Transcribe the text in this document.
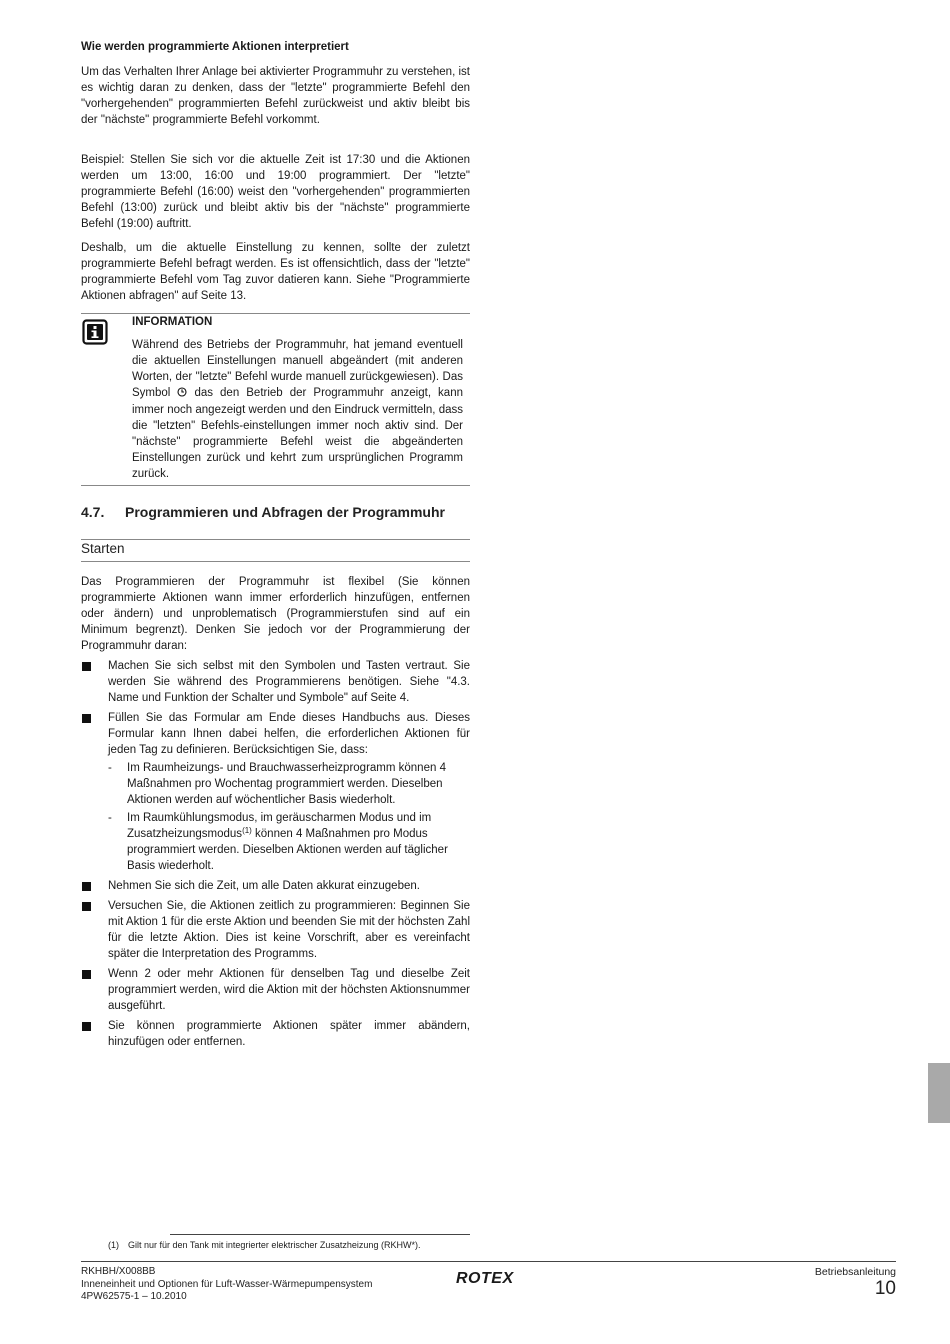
Wie werden programmierte Aktionen interpretiert

Um das Verhalten Ihrer Anlage bei aktivierter Programmuhr zu verstehen, ist es wichtig daran zu denken, dass der "letzte" programmierte Befehl den "vorhergehenden" programmierten Befehl zurückweist und aktiv bleibt bis der "nächste" programmierte Befehl vorkommt.

Beispiel: Stellen Sie sich vor die aktuelle Zeit ist 17:30 und die Aktionen werden um 13:00, 16:00 und 19:00 programmiert. Der "letzte" programmierte Befehl (16:00) weist den "vorhergehenden" programmierten Befehl (13:00) zurück und bleibt aktiv bis der "nächste" programmierte Befehl (19:00) auftritt.

Deshalb, um die aktuelle Einstellung zu kennen, sollte der zuletzt programmierte Befehl befragt werden. Es ist offensichtlich, dass der "letzte" programmierte Befehl vom Tag zuvor datieren kann. Siehe "Programmierte Aktionen abfragen" auf Seite 13.

INFORMATION

Während des Betriebs der Programmuhr, hat jemand eventuell die aktuellen Einstellungen manuell abgeändert (mit anderen Worten, der "letzte" Befehl wurde manuell zurückgewiesen). Das Symbol das den Betrieb der Programmuhr anzeigt, kann immer noch angezeigt werden und den Eindruck vermitteln, dass die "letzten" Befehls-einstellungen immer noch aktiv sind. Der "nächste" programmierte Befehl weist die abgeänderten Einstellungen zurück und kehrt zum ursprünglichen Programm zurück.

4.7. Programmieren und Abfragen der Programmuhr
Starten

Das Programmieren der Programmuhr ist flexibel (Sie können programmierte Aktionen wann immer erforderlich hinzufügen, entfernen oder ändern) und unproblematisch (Programmierstufen sind auf ein Minimum begrenzt). Denken Sie jedoch vor der Programmierung der Programmuhr daran:

Machen Sie sich selbst mit den Symbolen und Tasten vertraut. Sie werden Sie während des Programmierens benötigen. Siehe "4.3. Name und Funktion der Schalter und Symbole" auf Seite 4.
Füllen Sie das Formular am Ende dieses Handbuchs aus. Dieses Formular kann Ihnen dabei helfen, die erforderlichen Aktionen für jeden Tag zu definieren. Berücksichtigen Sie, dass:
- Im Raumheizungs- und Brauchwasserheizprogramm können 4 Maßnahmen pro Wochentag programmiert werden. Dieselben Aktionen werden auf wöchentlicher Basis wiederholt.
- Im Raumkühlungsmodus, im geräuscharmen Modus und im Zusatzheizungsmodus$^{(1)}$ können 4 Maßnahmen pro Modus programmiert werden. Dieselben Aktionen werden auf täglicher Basis wiederholt.
Nehmen Sie sich die Zeit, um alle Daten akkurat einzugeben.
Versuchen Sie, die Aktionen zeitlich zu programmieren: Beginnen Sie mit Aktion 1 für die erste Aktion und beenden Sie mit der höchsten Zahl für die letzte Aktion. Dies ist keine Vorschrift, aber es vereinfacht später die Interpretation des Programms.
Wenn 2 oder mehr Aktionen für denselben Tag und dieselbe Zeit programmiert werden, wird die Aktion mit der höchsten Aktionsnummer ausgeführt.
Sie können programmierte Aktionen später immer abändern, hinzufügen oder entfernen.
(1) Gilt nur für den Tank mit integrierter elektrischer Zusatzheizung (RKHW*).
RKHBH/X008BB
Inneneinheit und Optionen für Luft-Wasser-Wärmepumpensystem
4PW62575-1 – 10.2010
ROTEX	Betriebsanleitung
10
